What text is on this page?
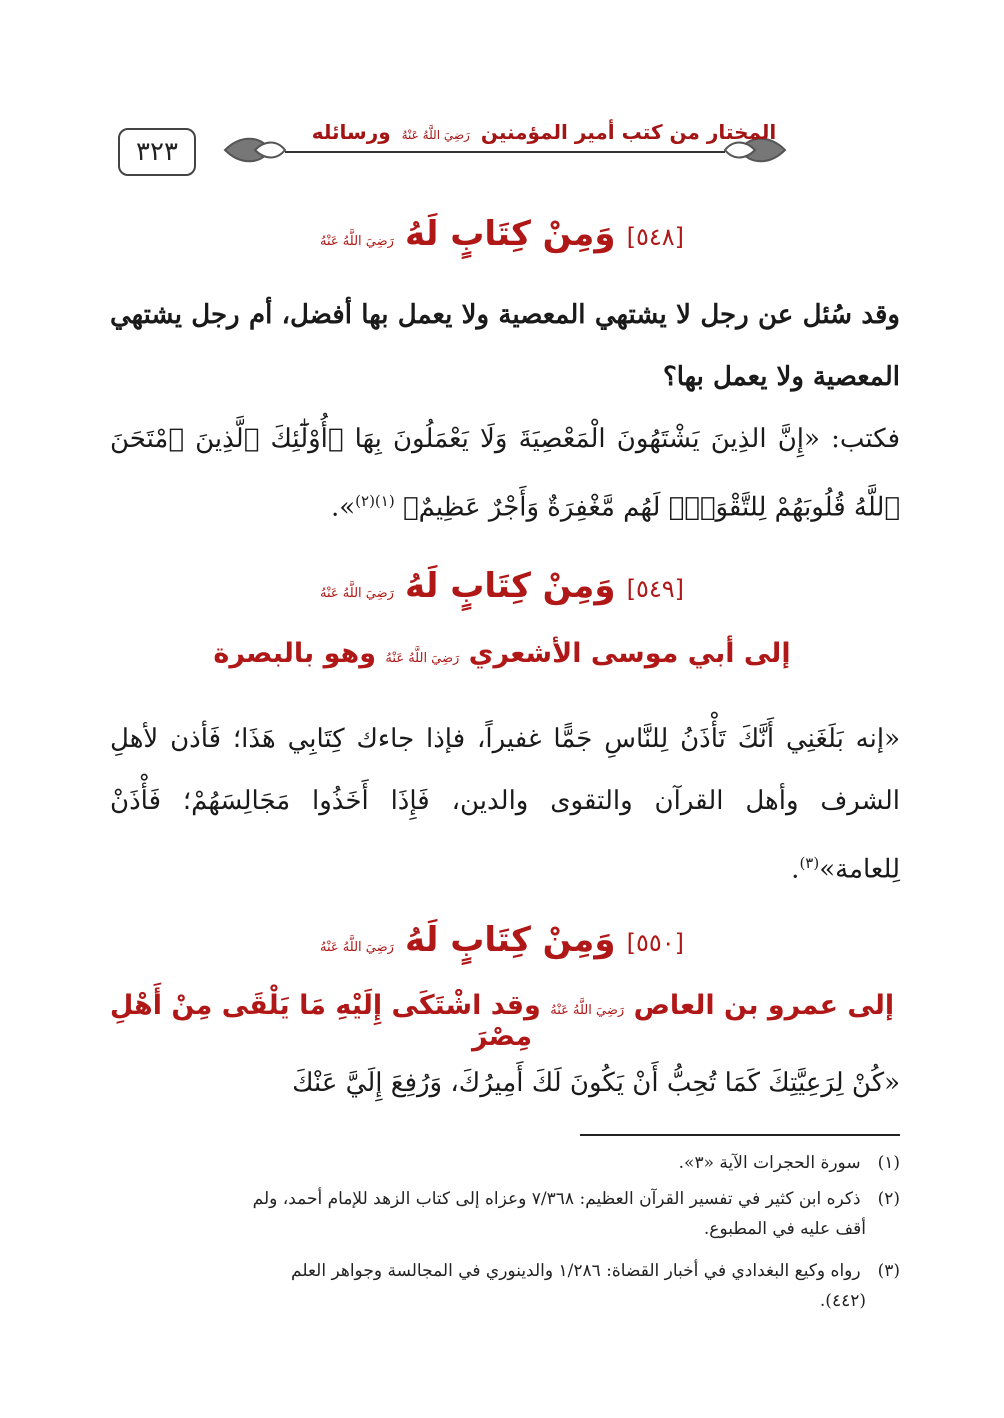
٣٢٣
المختار من كتب أمير المؤمنين رَضِيَ اللَّهُ عَنْهُ ورسائله
[٥٤٨] وَمِنْ كِتَابٍ لَهُ رَضِيَ اللَّهُ عَنْهُ
وقد سُئل عن رجل لا يشتهي المعصية ولا يعمل بها أفضل، أم رجل يشتهي المعصية ولا يعمل بها؟
فكتب: «إِنَّ الذِينَ يَشْتَهُونَ الْمَعْصِيَةَ وَلَا يَعْمَلُونَ بِهَا ﴿أُوْلَٰٓئِكَ ٱلَّذِينَ ٱمْتَحَنَ ٱللَّهُ قُلُوبَهُمْ لِلتَّقْوَىٰۚ لَهُم مَّغْفِرَةٌ وَأَجْرٌ عَظِيمٌ﴾ $^{(١)(٢)}$».
[٥٤٩] وَمِنْ كِتَابٍ لَهُ رَضِيَ اللَّهُ عَنْهُ
إلى أبي موسى الأشعري رَضِيَ اللَّهُ عَنْهُ وهو بالبصرة
«إنه بَلَغَنِي أَنَّكَ تَأْذَنُ لِلنَّاسِ جَمًّا غفيراً، فإذا جاءك كِتَابِي هَذَا؛ فَأذن لأهلِ الشرف وأهل القرآن والتقوى والدين، فَإِذَا أَخَذُوا مَجَالِسَهُمْ؛ فَأْذَنْ لِلعامة»$^{(٣)}$.
[٥٥٠] وَمِنْ كِتَابٍ لَهُ رَضِيَ اللَّهُ عَنْهُ
إلى عمرو بن العاص رَضِيَ اللَّهُ عَنْهُ وقد اشْتَكَى إِلَيْهِ مَا يَلْقَى مِنْ أَهْلِ مِصْرَ
«كُنْ لِرَعِيَّتِكَ كَمَا تُحِبُّ أَنْ يَكُونَ لَكَ أَمِيرُكَ، وَرُفِعَ إِلَيَّ عَنْكَ
(١) سورة الحجرات الآية «٣».
(٢) ذكره ابن كثير في تفسير القرآن العظيم: ٧/٣٦٨ وعزاه إلى كتاب الزهد للإمام أحمد، ولم
أقف عليه في المطبوع.
(٣) رواه وكيع البغدادي في أخبار القضاة: ١/٢٨٦ والدينوري في المجالسة وجواهر العلم
(٤٤٢).
